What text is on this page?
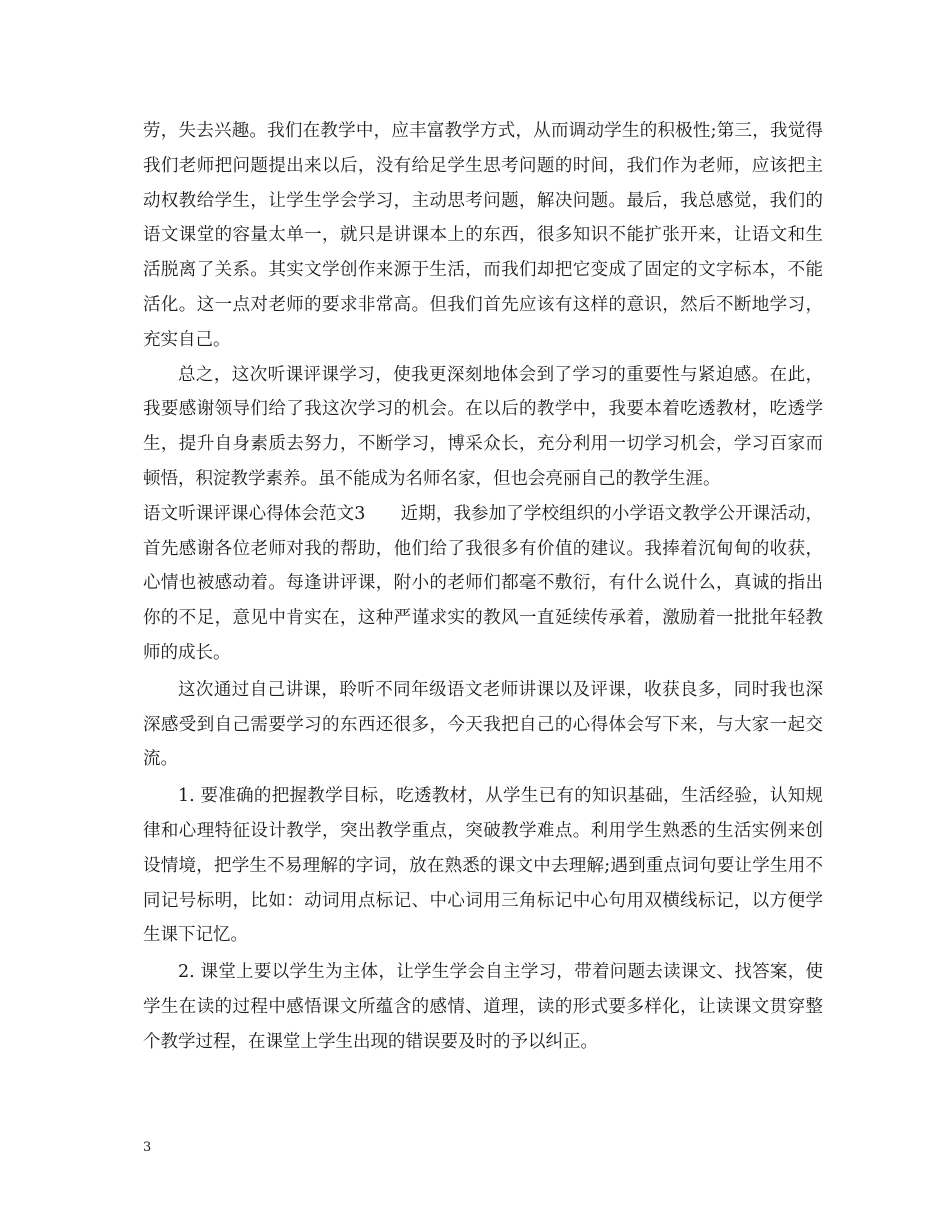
劳，失去兴趣。我们在教学中，应丰富教学方式，从而调动学生的积极性;第三，我觉得我们老师把问题提出来以后，没有给足学生思考问题的时间，我们作为老师，应该把主动权教给学生，让学生学会学习，主动思考问题，解决问题。最后，我总感觉，我们的语文课堂的容量太单一，就只是讲课本上的东西，很多知识不能扩张开来，让语文和生活脱离了关系。其实文学创作来源于生活，而我们却把它变成了固定的文字标本，不能活化。这一点对老师的要求非常高。但我们首先应该有这样的意识，然后不断地学习，充实自己。

总之，这次听课评课学习，使我更深刻地体会到了学习的重要性与紧迫感。在此，我要感谢领导们给了我这次学习的机会。在以后的教学中，我要本着吃透教材，吃透学生，提升自身素质去努力，不断学习，博采众长，充分利用一切学习机会，学习百家而顿悟，积淀教学素养。虽不能成为名师名家，但也会亮丽自己的教学生涯。

语文听课评课心得体会范文3　　近期，我参加了学校组织的小学语文教学公开课活动，首先感谢各位老师对我的帮助，他们给了我很多有价值的建议。我捧着沉甸甸的收获，心情也被感动着。每逢讲评课，附小的老师们都毫不敷衍，有什么说什么，真诚的指出你的不足，意见中肯实在，这种严谨求实的教风一直延续传承着，激励着一批批年轻教师的成长。

这次通过自己讲课，聆听不同年级语文老师讲课以及评课，收获良多，同时我也深深感受到自己需要学习的东西还很多，今天我把自己的心得体会写下来，与大家一起交流。

1. 要准确的把握教学目标，吃透教材，从学生已有的知识基础，生活经验，认知规律和心理特征设计教学，突出教学重点，突破教学难点。利用学生熟悉的生活实例来创设情境，把学生不易理解的字词，放在熟悉的课文中去理解;遇到重点词句要让学生用不同记号标明，比如：动词用点标记、中心词用三角标记中心句用双横线标记，以方便学生课下记忆。

2. 课堂上要以学生为主体，让学生学会自主学习，带着问题去读课文、找答案，使学生在读的过程中感悟课文所蕴含的感情、道理，读的形式要多样化，让读课文贯穿整个教学过程，在课堂上学生出现的错误要及时的予以纠正。

3
